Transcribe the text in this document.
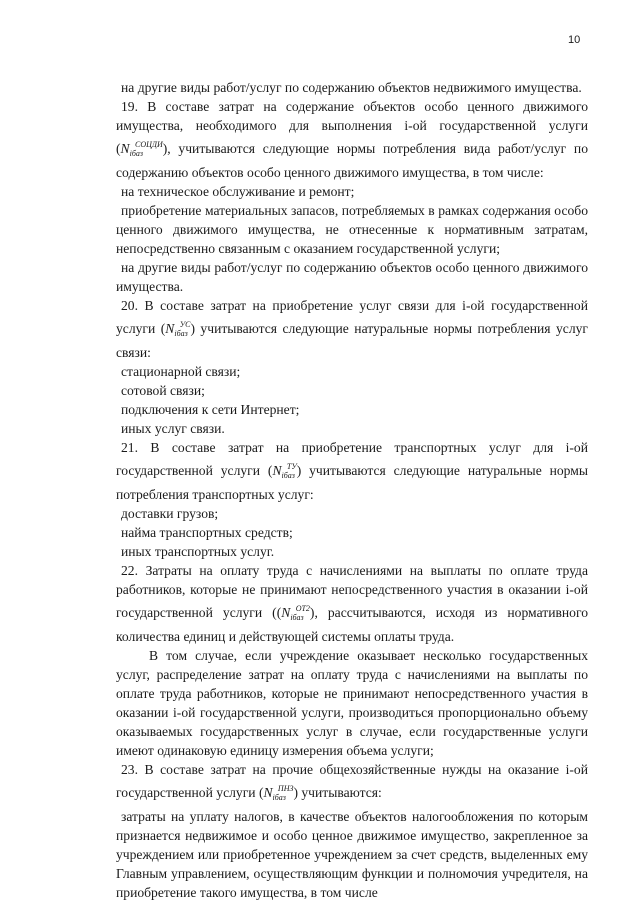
10

на другие виды работ/услуг по содержанию объектов недвижимого имущества.

19. В составе затрат на содержание объектов особо ценного движимого имущества, необходимого для выполнения i-ой государственной услуги $(N_{iбаз}^{СОЦДИ})$, учитываются следующие нормы потребления вида работ/услуг по содержанию объектов особо ценного движимого имущества, в том числе:

на техническое обслуживание и ремонт;

приобретение материальных запасов, потребляемых в рамках содержания особо ценного движимого имущества, не отнесенные к нормативным затратам, непосредственно связанным с оказанием государственной услуги;

на другие виды работ/услуг по содержанию объектов особо ценного движимого имущества.

20. В составе затрат на приобретение услуг связи для i-ой государственной услуги $(N_{iбаз}^{УС})$ учитываются следующие натуральные нормы потребления услуг связи:

стационарной связи;

сотовой связи;

подключения к сети Интернет;

иных услуг связи.

21. В составе затрат на приобретение транспортных услуг для i-ой государственной услуги $(N_{iбаз}^{ТУ})$ учитываются следующие натуральные нормы потребления транспортных услуг:

доставки грузов;

найма транспортных средств;

иных транспортных услуг.

22. Затраты на оплату труда с начислениями на выплаты по оплате труда работников, которые не принимают непосредственного участия в оказании i-ой государственной услуги ($(N_{iбаз}^{ОТ2})$, рассчитываются, исходя из нормативного количества единиц и действующей системы оплаты труда.

В том случае, если учреждение оказывает несколько государственных услуг, распределение затрат на оплату труда с начислениями на выплаты по оплате труда работников, которые не принимают непосредственного участия в оказании i-ой государственной услуги, производиться пропорционально объему оказываемых государственных услуг в случае, если государственные услуги имеют одинаковую единицу измерения объема услуги;

23. В составе затрат на прочие общехозяйственные нужды на оказание i-ой государственной услуги $(N_{iбаз}^{ПНЗ})$ учитываются:

затраты на уплату налогов, в качестве объектов налогообложения по которым признается недвижимое и особо ценное движимое имущество, закрепленное за учреждением или приобретенное учреждением за счет средств, выделенных ему Главным управлением, осуществляющим функции и полномочия учредителя, на приобретение такого имущества, в том числе
